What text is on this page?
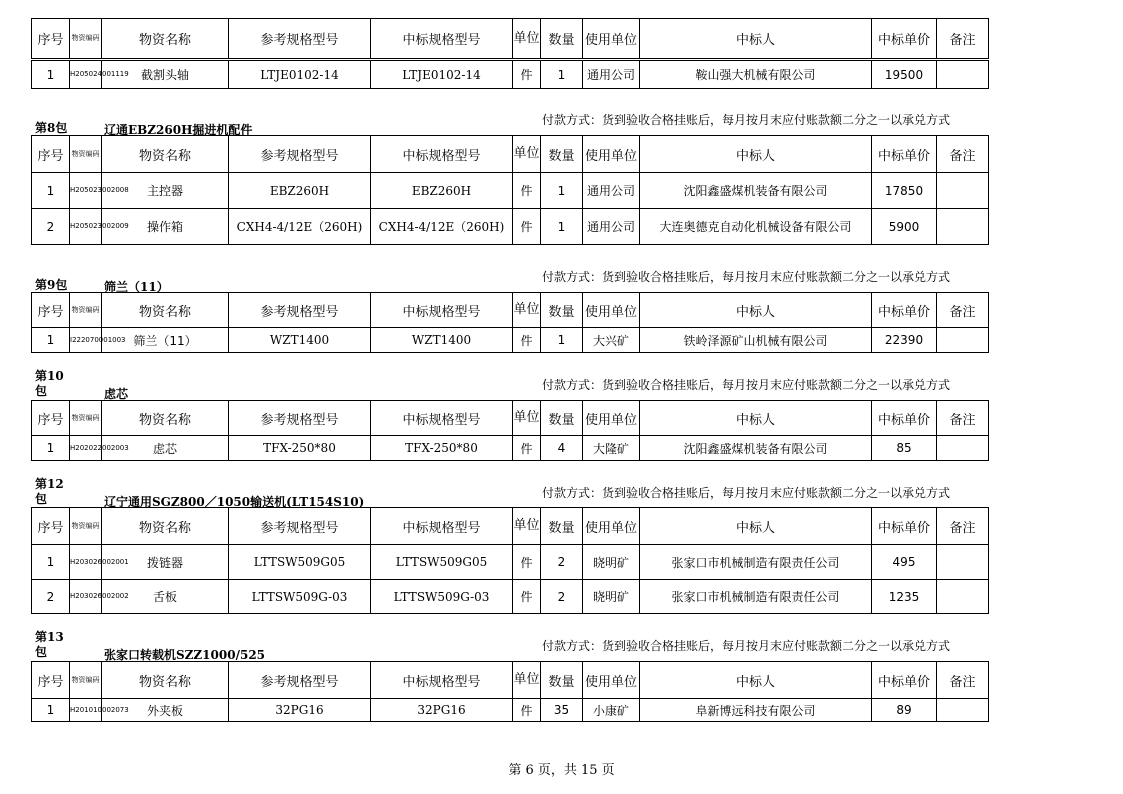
序号	物资编码	物资名称	参考规格型号	中标规格型号	单位	数量	使用单位	中标人	中标单价	备注
1	H205024001119	截割头轴	LTJE0102-14	LTJE0102-14	件	1	通用公司	鞍山强大机械有限公司	19500	
第8包	辽通EBZ260H掘进机配件
付款方式：货到验收合格挂账后，每月按月末应付账款额二分之一以承兑方式
序号	物资编码	物资名称	参考规格型号	中标规格型号	单位	数量	使用单位	中标人	中标单价	备注
1	H205023002008	主控器	EBZ260H	EBZ260H	件	1	通用公司	沈阳鑫盛煤机装备有限公司	17850	
2	H205023002009	操作箱	CXH4-4/12E（260H)	CXH4-4/12E（260H)	件	1	通用公司	大连奥德克自动化机械设备有限公司	5900	
第9包	筛兰（11）
付款方式：货到验收合格挂账后，每月按月末应付账款额二分之一以承兑方式
序号	物资编码	物资名称	参考规格型号	中标规格型号	单位	数量	使用单位	中标人	中标单价	备注
1	I222070001003	筛兰（11）	WZT1400	WZT1400	件	1	大兴矿	铁岭泽源矿山机械有限公司	22390	
第10包	虑芯
付款方式：货到验收合格挂账后，每月按月末应付账款额二分之一以承兑方式
序号	物资编码	物资名称	参考规格型号	中标规格型号	单位	数量	使用单位	中标人	中标单价	备注
1	H202022002003	虑芯	TFX-250*80	TFX-250*80	件	4	大隆矿	沈阳鑫盛煤机装备有限公司	85	
第12包	辽宁通用SGZ800／1050输送机(LT154S10)
付款方式：货到验收合格挂账后，每月按月末应付账款额二分之一以承兑方式
序号	物资编码	物资名称	参考规格型号	中标规格型号	单位	数量	使用单位	中标人	中标单价	备注
1	H203026002001	拨链器	LTTSW509G05	LTTSW509G05	件	2	晓明矿	张家口市机械制造有限责任公司	495	
2	H203026002002	舌板	LTTSW509G-03	LTTSW509G-03	件	2	晓明矿	张家口市机械制造有限责任公司	1235	
第13包	张家口转载机SZZ1000/525
付款方式：货到验收合格挂账后，每月按月末应付账款额二分之一以承兑方式
序号	物资编码	物资名称	参考规格型号	中标规格型号	单位	数量	使用单位	中标人	中标单价	备注
1	H201010002073	外夹板	32PG16	32PG16	件	35	小康矿	阜新博远科技有限公司	89	
第 6 页，共 15 页
